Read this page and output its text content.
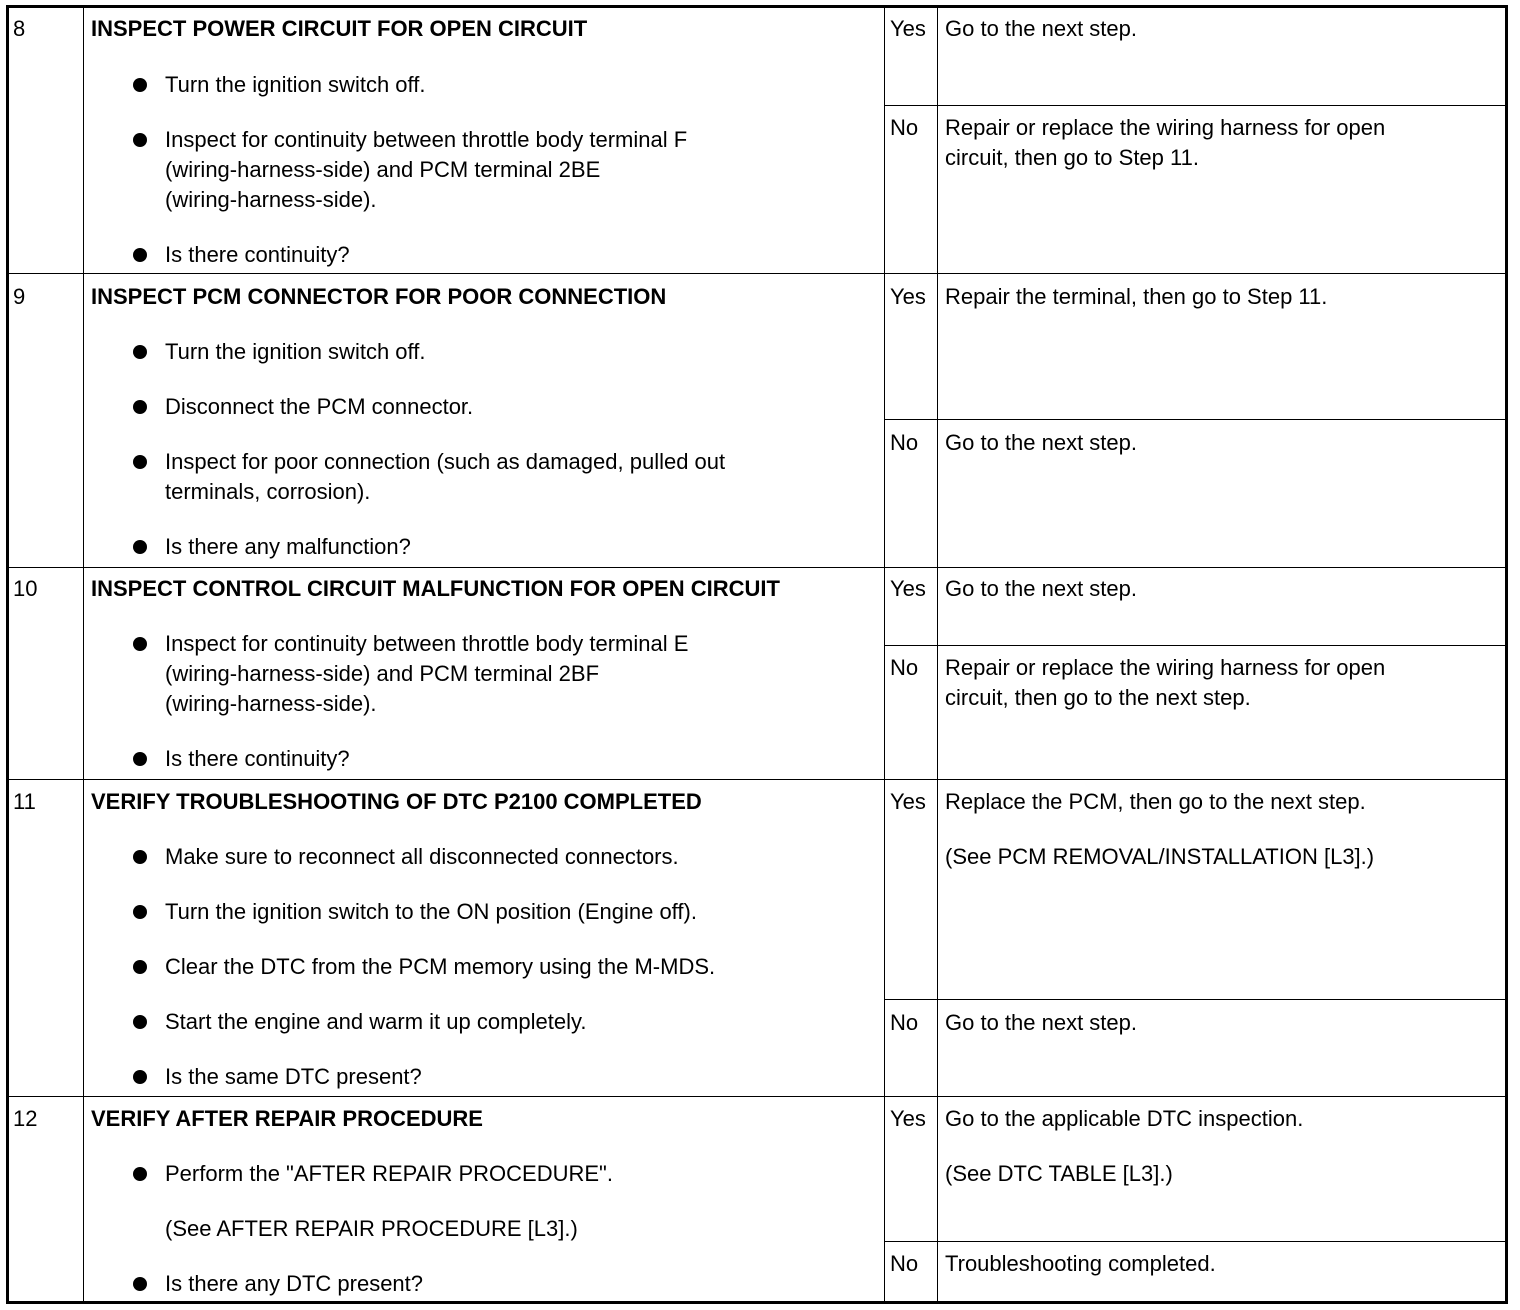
8	INSPECT POWER CIRCUIT FOR OPEN CIRCUIT
Turn the ignition switch off.
Inspect for continuity between throttle body terminal F
(wiring-harness-side) and PCM terminal 2BE
(wiring-harness-side).
Is there continuity?
Yes Go to the next step.
No Repair or replace the wiring harness for open
circuit, then go to Step 11.
9	INSPECT PCM CONNECTOR FOR POOR CONNECTION
Turn the ignition switch off.
Disconnect the PCM connector.
Inspect for poor connection (such as damaged, pulled out
terminals, corrosion).
Is there any malfunction?
Yes Repair the terminal, then go to Step 11.
No Go to the next step.
10 INSPECT CONTROL CIRCUIT MALFUNCTION FOR OPEN CIRCUIT
Inspect for continuity between throttle body terminal E
(wiring-harness-side) and PCM terminal 2BF
(wiring-harness-side).
Is there continuity?
Yes Go to the next step.
No Repair or replace the wiring harness for open
circuit, then go to the next step.
11	VERIFY TROUBLESHOOTING OF DTC P2100 COMPLETED
Make sure to reconnect all disconnected connectors.
Turn the ignition switch to the ON position (Engine off).
Clear the DTC from the PCM memory using the M-MDS.
Start the engine and warm it up completely.
Is the same DTC present?
Yes Replace the PCM, then go to the next step.
(See PCM REMOVAL/INSTALLATION [L3].)
No Go to the next step.
12 VERIFY AFTER REPAIR PROCEDURE
Perform the "AFTER REPAIR PROCEDURE".
(See AFTER REPAIR PROCEDURE [L3].)
Is there any DTC present?
Yes Go to the applicable DTC inspection.
(See DTC TABLE [L3].)
No Troubleshooting completed.
